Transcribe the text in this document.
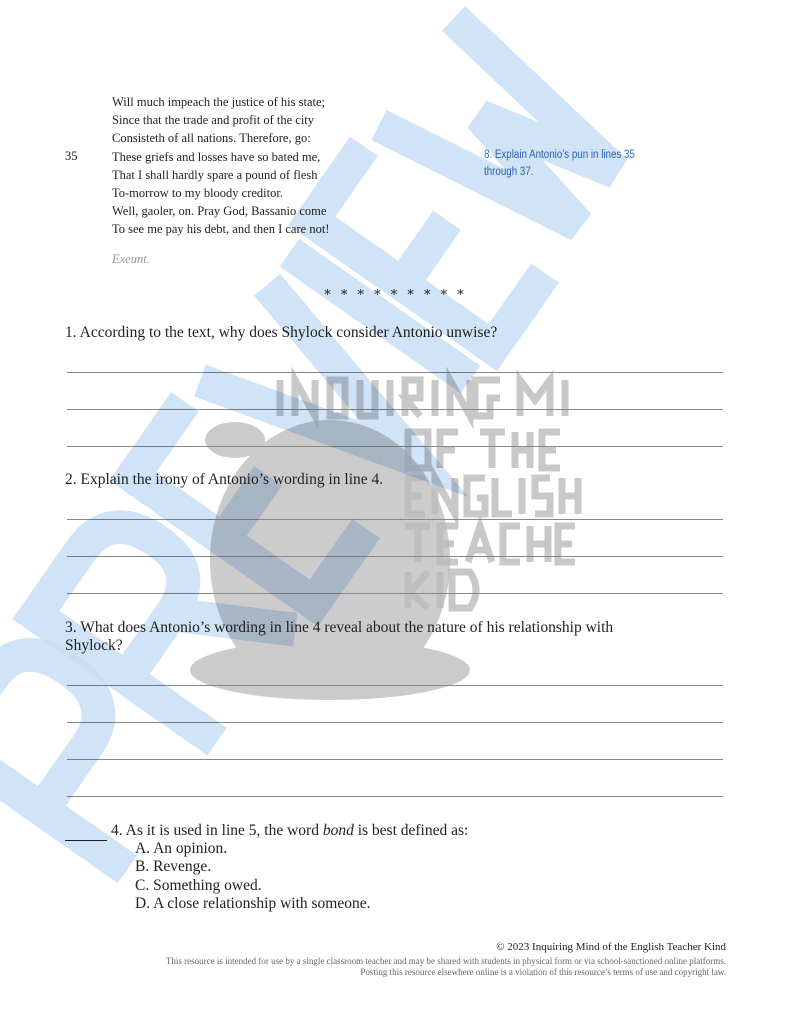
Will much impeach the justice of his state;
Since that the trade and profit of the city
Consisteth of all nations. Therefore, go:
These griefs and losses have so bated me,
That I shall hardly spare a pound of flesh
To-morrow to my bloody creditor.
Well, gaoler, on. Pray God, Bassanio come
To see me pay his debt, and then I care not!
35	8. Explain Antonio’s pun in lines 35
through 37.
Exeunt.
* * * * * * * * *
1. According to the text, why does Shylock consider Antonio unwise?
2. Explain the irony of Antonio’s wording in line 4.
3. What does Antonio’s wording in line 4 reveal about the nature of his relationship with
Shylock?
4. As it is used in line 5, the word bond is best defined as:
A. An opinion.
B. Revenge.
C. Something owed.
D. A close relationship with someone.
© 2023 Inquiring Mind of the English Teacher Kind
This resource is intended for use by a single classroom teacher and may be shared with students in physical form or via school-sanctioned online platforms.
Posting this resource elsewhere online is a violation of this resource’s terms of use and copyright law.
